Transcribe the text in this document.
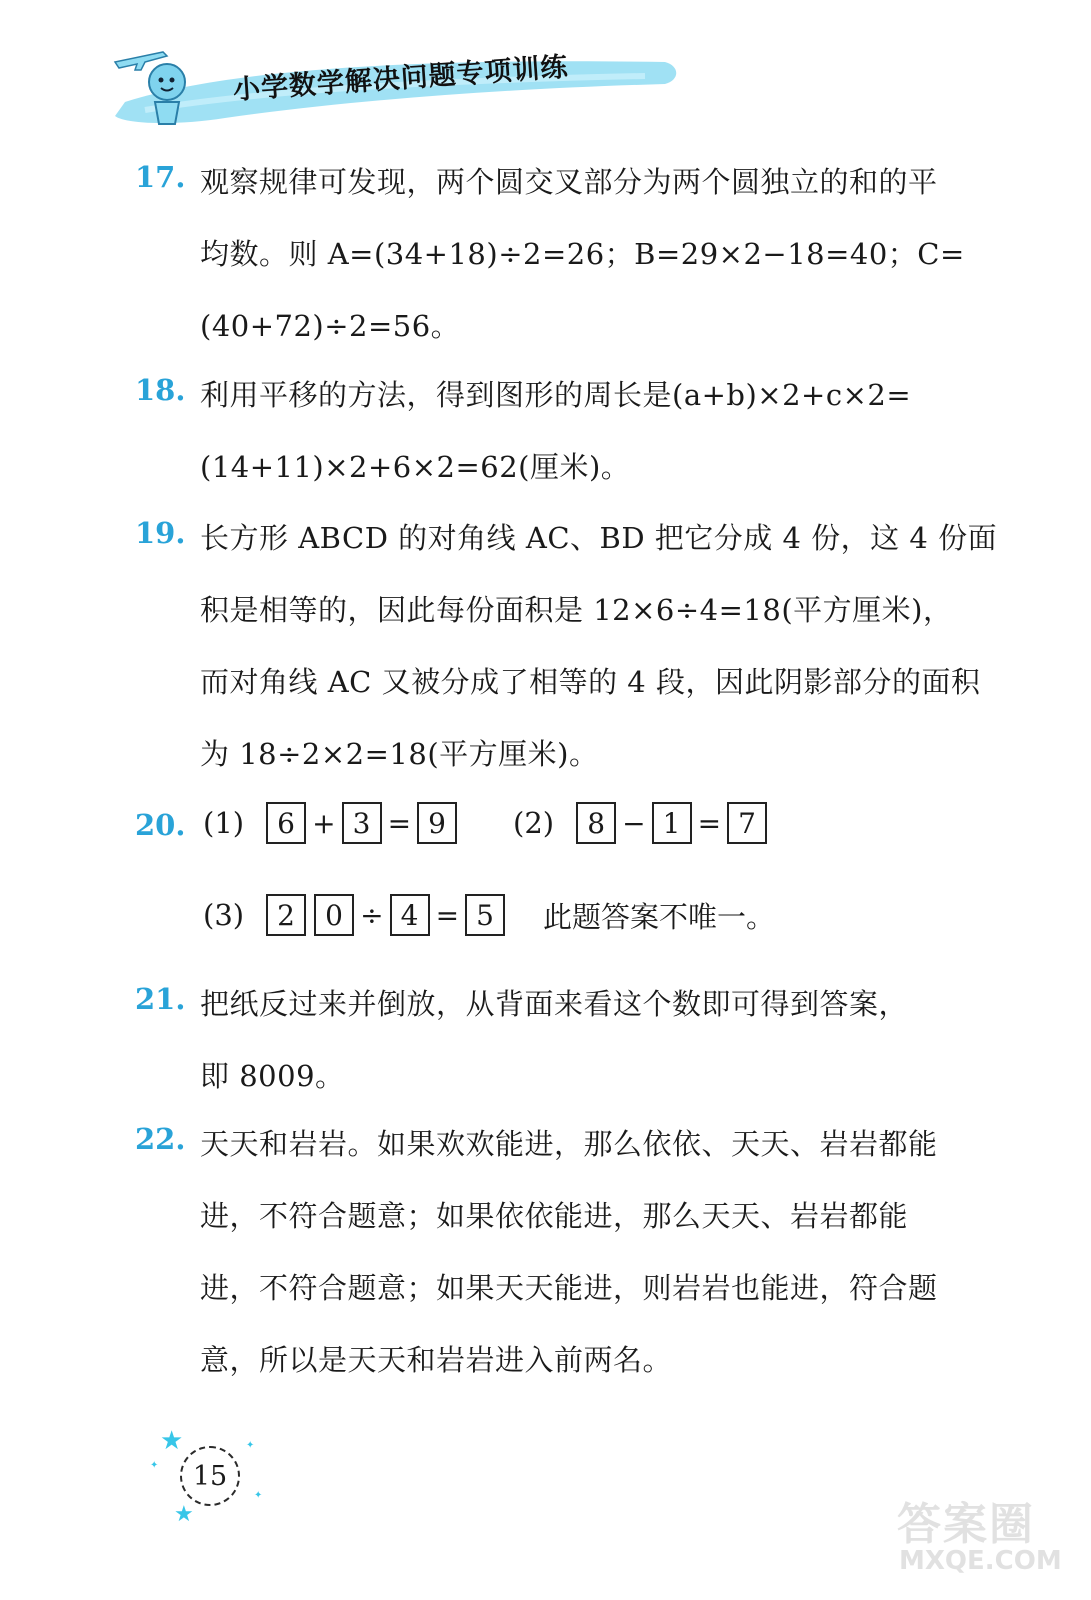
小学数学解决问题专项训练
17. 观察规律可发现，两个圆交叉部分为两个圆独立的和的平
均数。则 A=(34+18)÷2=26；B=29×2−18=40；C=
(40+72)÷2=56。
18. 利用平移的方法，得到图形的周长是(a+b)×2+c×2=
(14+11)×2+6×2=62(厘米)。
19. 长方形 ABCD 的对角线 AC、BD 把它分成 4 份，这 4 份面
积是相等的，因此每份面积是 12×6÷4=18(平方厘米)，
而对角线 AC 又被分成了相等的 4 段，因此阴影部分的面积
为 18÷2×2=18(平方厘米)。
20. (1)	6 + 3 = 9	(2)	8 − 1 = 7
(3)	2	0 ÷ 4 = 5	此题答案不唯一。
21. 把纸反过来并倒放，从背面来看这个数即可得到答案，
即 8009。
22. 天天和岩岩。如果欢欢能进，那么依依、天天、岩岩都能
进，不符合题意；如果依依能进，那么天天、岩岩都能
进，不符合题意；如果天天能进，则岩岩也能进，符合题
意，所以是天天和岩岩进入前两名。
★
✦
✦
✦
★
15
答案圈
MXQE.COM
